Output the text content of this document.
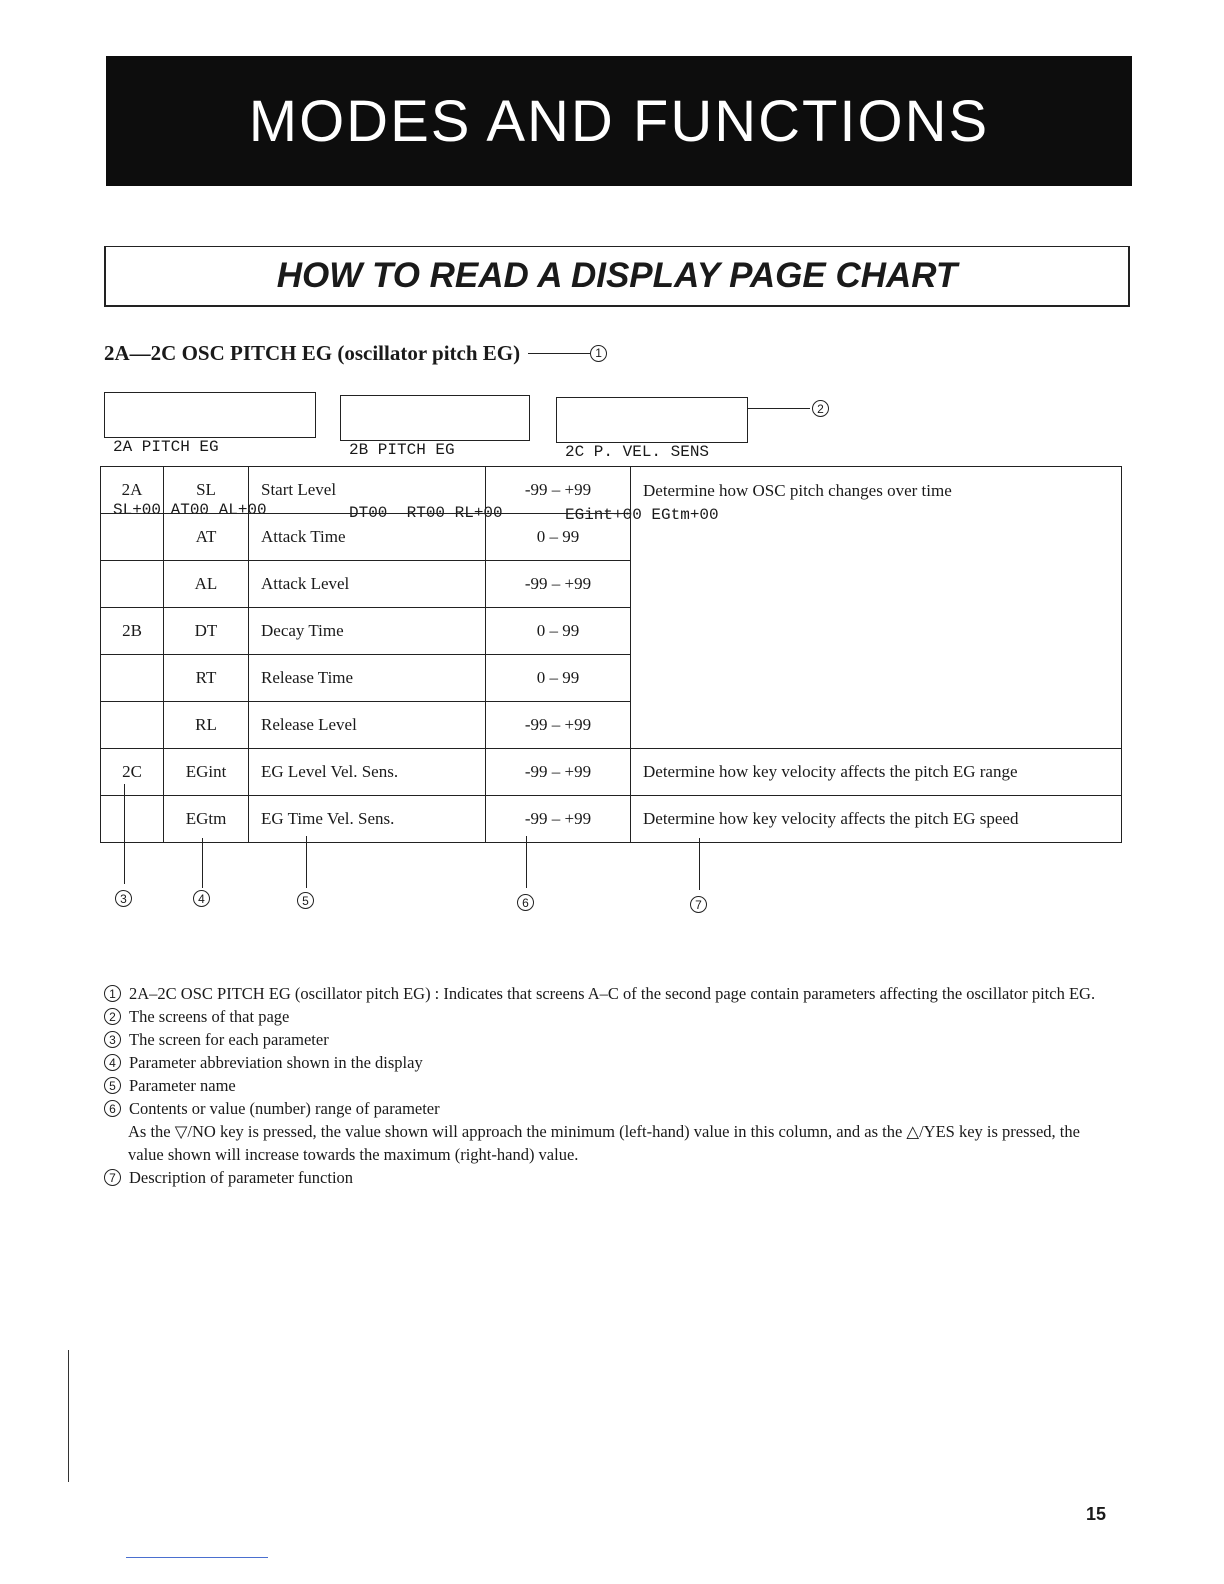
MODES AND FUNCTIONS
HOW TO READ A DISPLAY PAGE CHART
2A—2C OSC PITCH EG (oscillator pitch EG)	1

2A PITCH EG

SL+00 AT00 AL+00

2B PITCH EG

DT00  RT00 RL+00

2C P. VEL. SENS

EGint+00 EGtm+00

2
2A	SL	Start Level	-99 – +99	Determine how OSC pitch changes over time
	AT	Attack Time	0 – 99	
	AL	Attack Level	-99 – +99	
2B	DT	Decay Time	0 – 99	
	RT	Release Time	0 – 99	
	RL	Release Level	-99 – +99	
2C	EGint	EG Level Vel. Sens.	-99 – +99	Determine how key velocity affects the pitch EG range
	EGtm	EG Time Vel. Sens.	-99 – +99	Determine how key velocity affects the pitch EG speed
3	4	5	6	7
1 2A–2C OSC PITCH EG (oscillator pitch EG) : Indicates that screens A–C of the second page contain parameters affecting the oscillator pitch EG.
2 The screens of that page
3 The screen for each parameter
4 Parameter abbreviation shown in the display
5 Parameter name
6 Contents or value (number) range of parameter
As the ▽/NO key is pressed, the value shown will approach the minimum (left-hand) value in this column, and as the △/YES key is pressed, the value shown will increase towards the maximum (right-hand) value.
7 Description of parameter function
15
